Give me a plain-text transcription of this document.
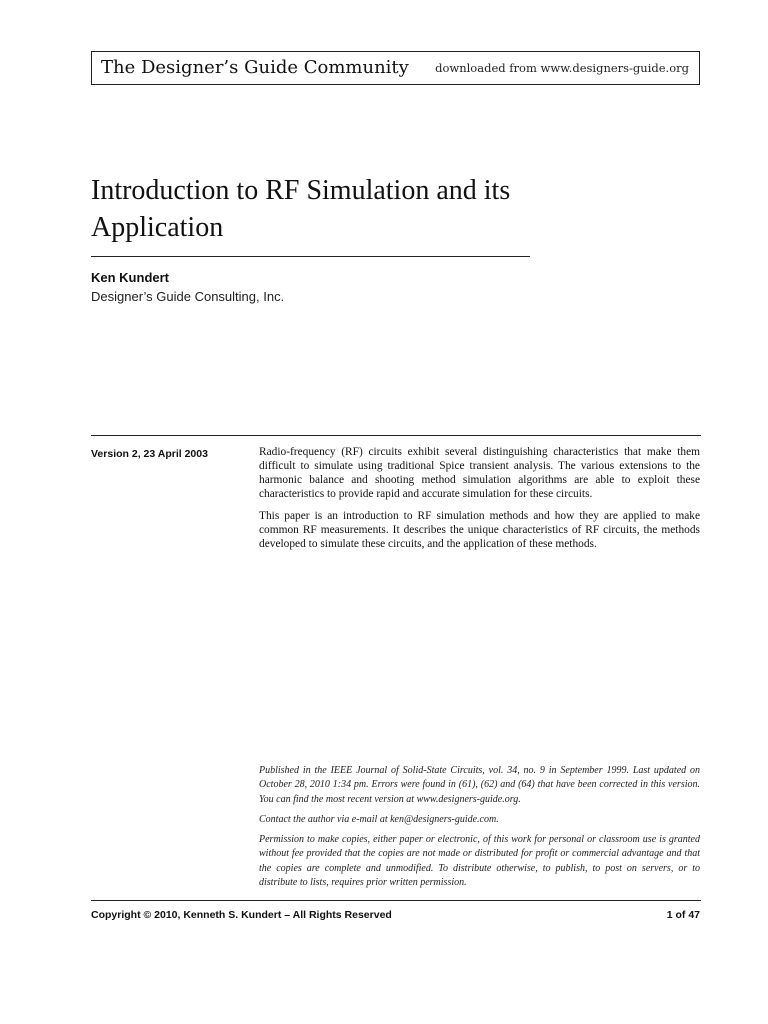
The Designer’s Guide Community downloaded from www.designers-guide.org
Introduction to RF Simulation and its Application
Ken Kundert
Designer’s Guide Consulting, Inc.
Version 2, 23 April 2003	Radio-frequency (RF) circuits exhibit several distinguishing characteristics that make them difficult to simulate using traditional Spice transient analysis. The various extensions to the harmonic balance and shooting method simulation algorithms are able to exploit these characteristics to provide rapid and accurate simulation for these circuits.

This paper is an introduction to RF simulation methods and how they are applied to make common RF measurements. It describes the unique characteristics of RF circuits, the methods developed to simulate these circuits, and the application of these methods.

Published in the IEEE Journal of Solid-State Circuits, vol. 34, no. 9 in September 1999. Last updated on October 28, 2010 1:34 pm. Errors were found in (61), (62) and (64) that have been corrected in this version. You can find the most recent version at www.designers-guide.org.

Contact the author via e-mail at ken@designers-guide.com.

Permission to make copies, either paper or electronic, of this work for personal or classroom use is granted without fee provided that the copies are not made or distributed for profit or commercial advantage and that the copies are complete and unmodified. To distribute otherwise, to publish, to post on servers, or to distribute to lists, requires prior written permission.

Copyright © 2010, Kenneth S. Kundert – All Rights Reserved	1 of 47
